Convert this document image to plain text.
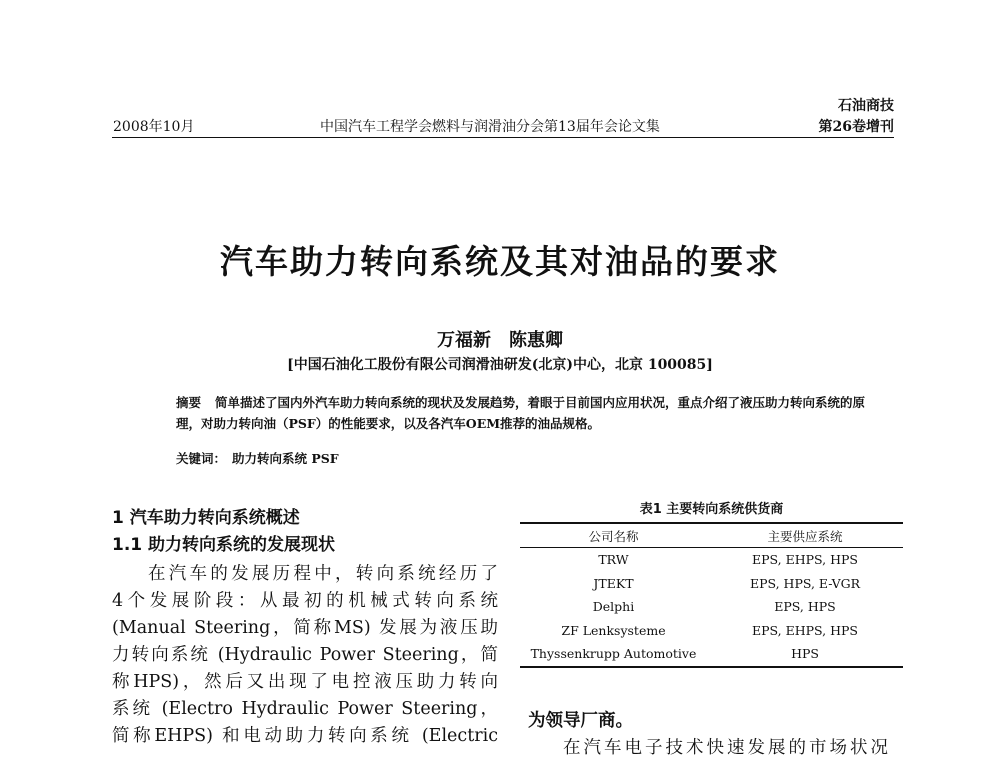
2008年10月	中国汽车工程学会燃料与润滑油分会第13届年会论文集
石油商技
第26卷增刊
汽车助力转向系统及其对油品的要求
万福新 陈惠卿
[中国石油化工股份有限公司润滑油研发(北京)中心，北京 100085]
摘要 简单描述了国内外汽车助力转向系统的现状及发展趋势，着眼于目前国内应用状况，重点介绍了液压助力转向系统的原理，对助力转向油（PSF）的性能要求，以及各汽车OEM推荐的油品规格。
关键词： 助力转向系统 PSF
1 汽车助力转向系统概述
1.1 助力转向系统的发展现状
在汽车的发展历程中，转向系统经历了
4个发展阶段：从最初的机械式转向系统
(Manual Steering，简称MS) 发展为液压助
力转向系统 (Hydraulic Power Steering，简
称HPS)，然后又出现了电控液压助力转向
系统 (Electro Hydraulic Power Steering，
简称EHPS) 和电动助力转向系统 (Electric
表1 主要转向系统供货商
公司名称	主要供应系统
TRW	EPS, EHPS, HPS
JTEKT	EPS, HPS, E-VGR
Delphi	EPS, HPS
ZF Lenksysteme	EPS, EHPS, HPS
Thyssenkrupp Automotive	HPS
为领导厂商。
在汽车电子技术快速发展的市场状况
